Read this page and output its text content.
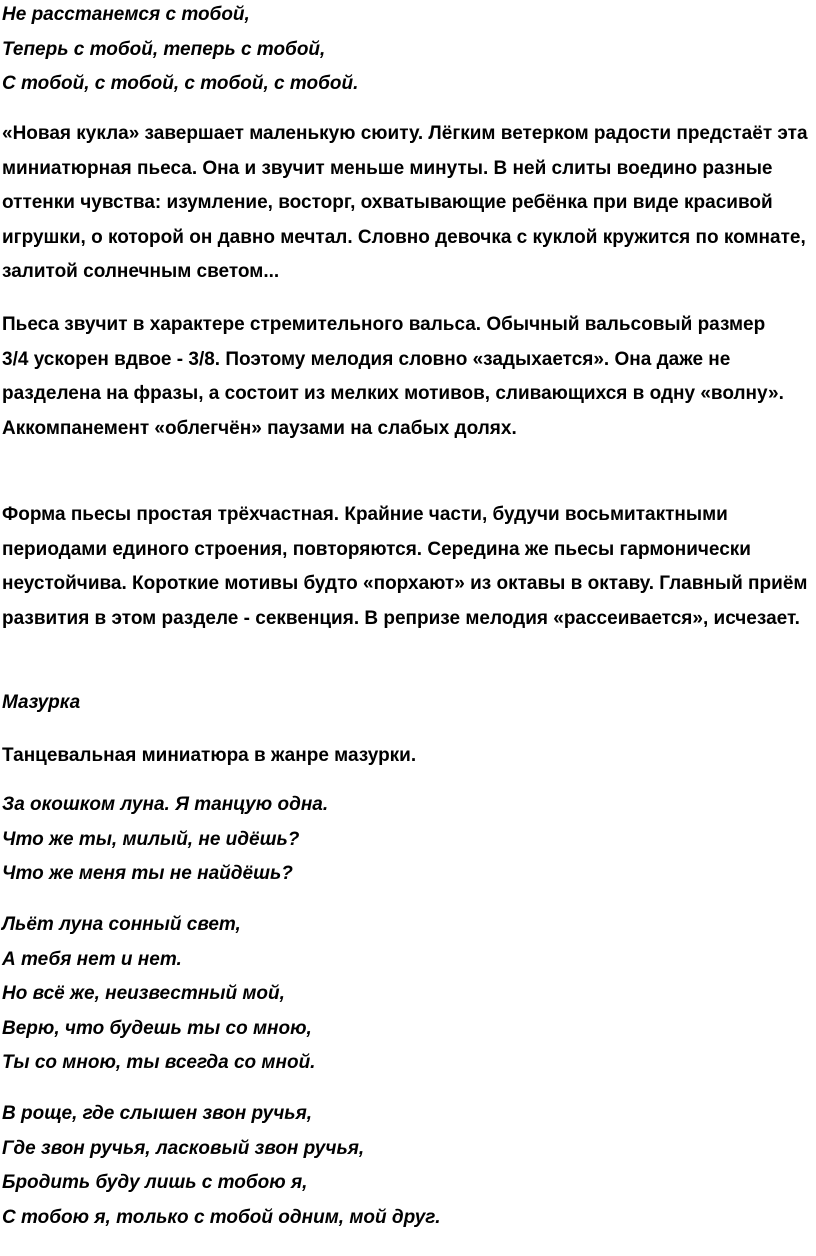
Не расстанемся с тобой,
Теперь с тобой, теперь с тобой,
С тобой, с тобой, с тобой, с тобой.

«Новая кукла» завершает маленькую сюиту. Лёгким ветерком радости предстаёт эта миниатюрная пьеса. Она и звучит меньше минуты. В ней слиты воедино разные оттенки чувства: изумление, восторг, охватывающие ребёнка при виде красивой игрушки, о которой он давно мечтал. Словно девочка с куклой кружится по комнате, залитой солнечным светом...

Пьеса звучит в характере стремительного вальса. Обычный вальсовый размер 3/4 ускорен вдвое - 3/8. Поэтому мелодия словно «задыхается». Она даже не разделена на фразы, а состоит из мелких мотивов, сливающихся в одну «волну». Аккомпанемент «облегчён» паузами на слабых долях.

Форма пьесы простая трёхчастная. Крайние части, будучи восьмитактными периодами единого строения, повторяются. Середина же пьесы гармонически неустойчива. Короткие мотивы будто «порхают» из октавы в октаву. Главный приём развития в этом разделе - секвенция. В репризе мелодия «рассеивается», исчезает.

Мазурка

Танцевальная миниатюра в жанре мазурки.

За окошком луна. Я танцую одна.
Что же ты, милый, не идёшь?
Что же меня ты не найдёшь?
Льёт луна сонный свет,
А тебя нет и нет.
Но всё же, неизвестный мой,
Верю, что будешь ты со мною,
Ты со мною, ты всегда со мной.
В роще, где слышен звон ручья,
Где звон ручья, ласковый звон ручья,
Бродить буду лишь с тобою я,
С тобою я, только с тобой одним, мой друг.
